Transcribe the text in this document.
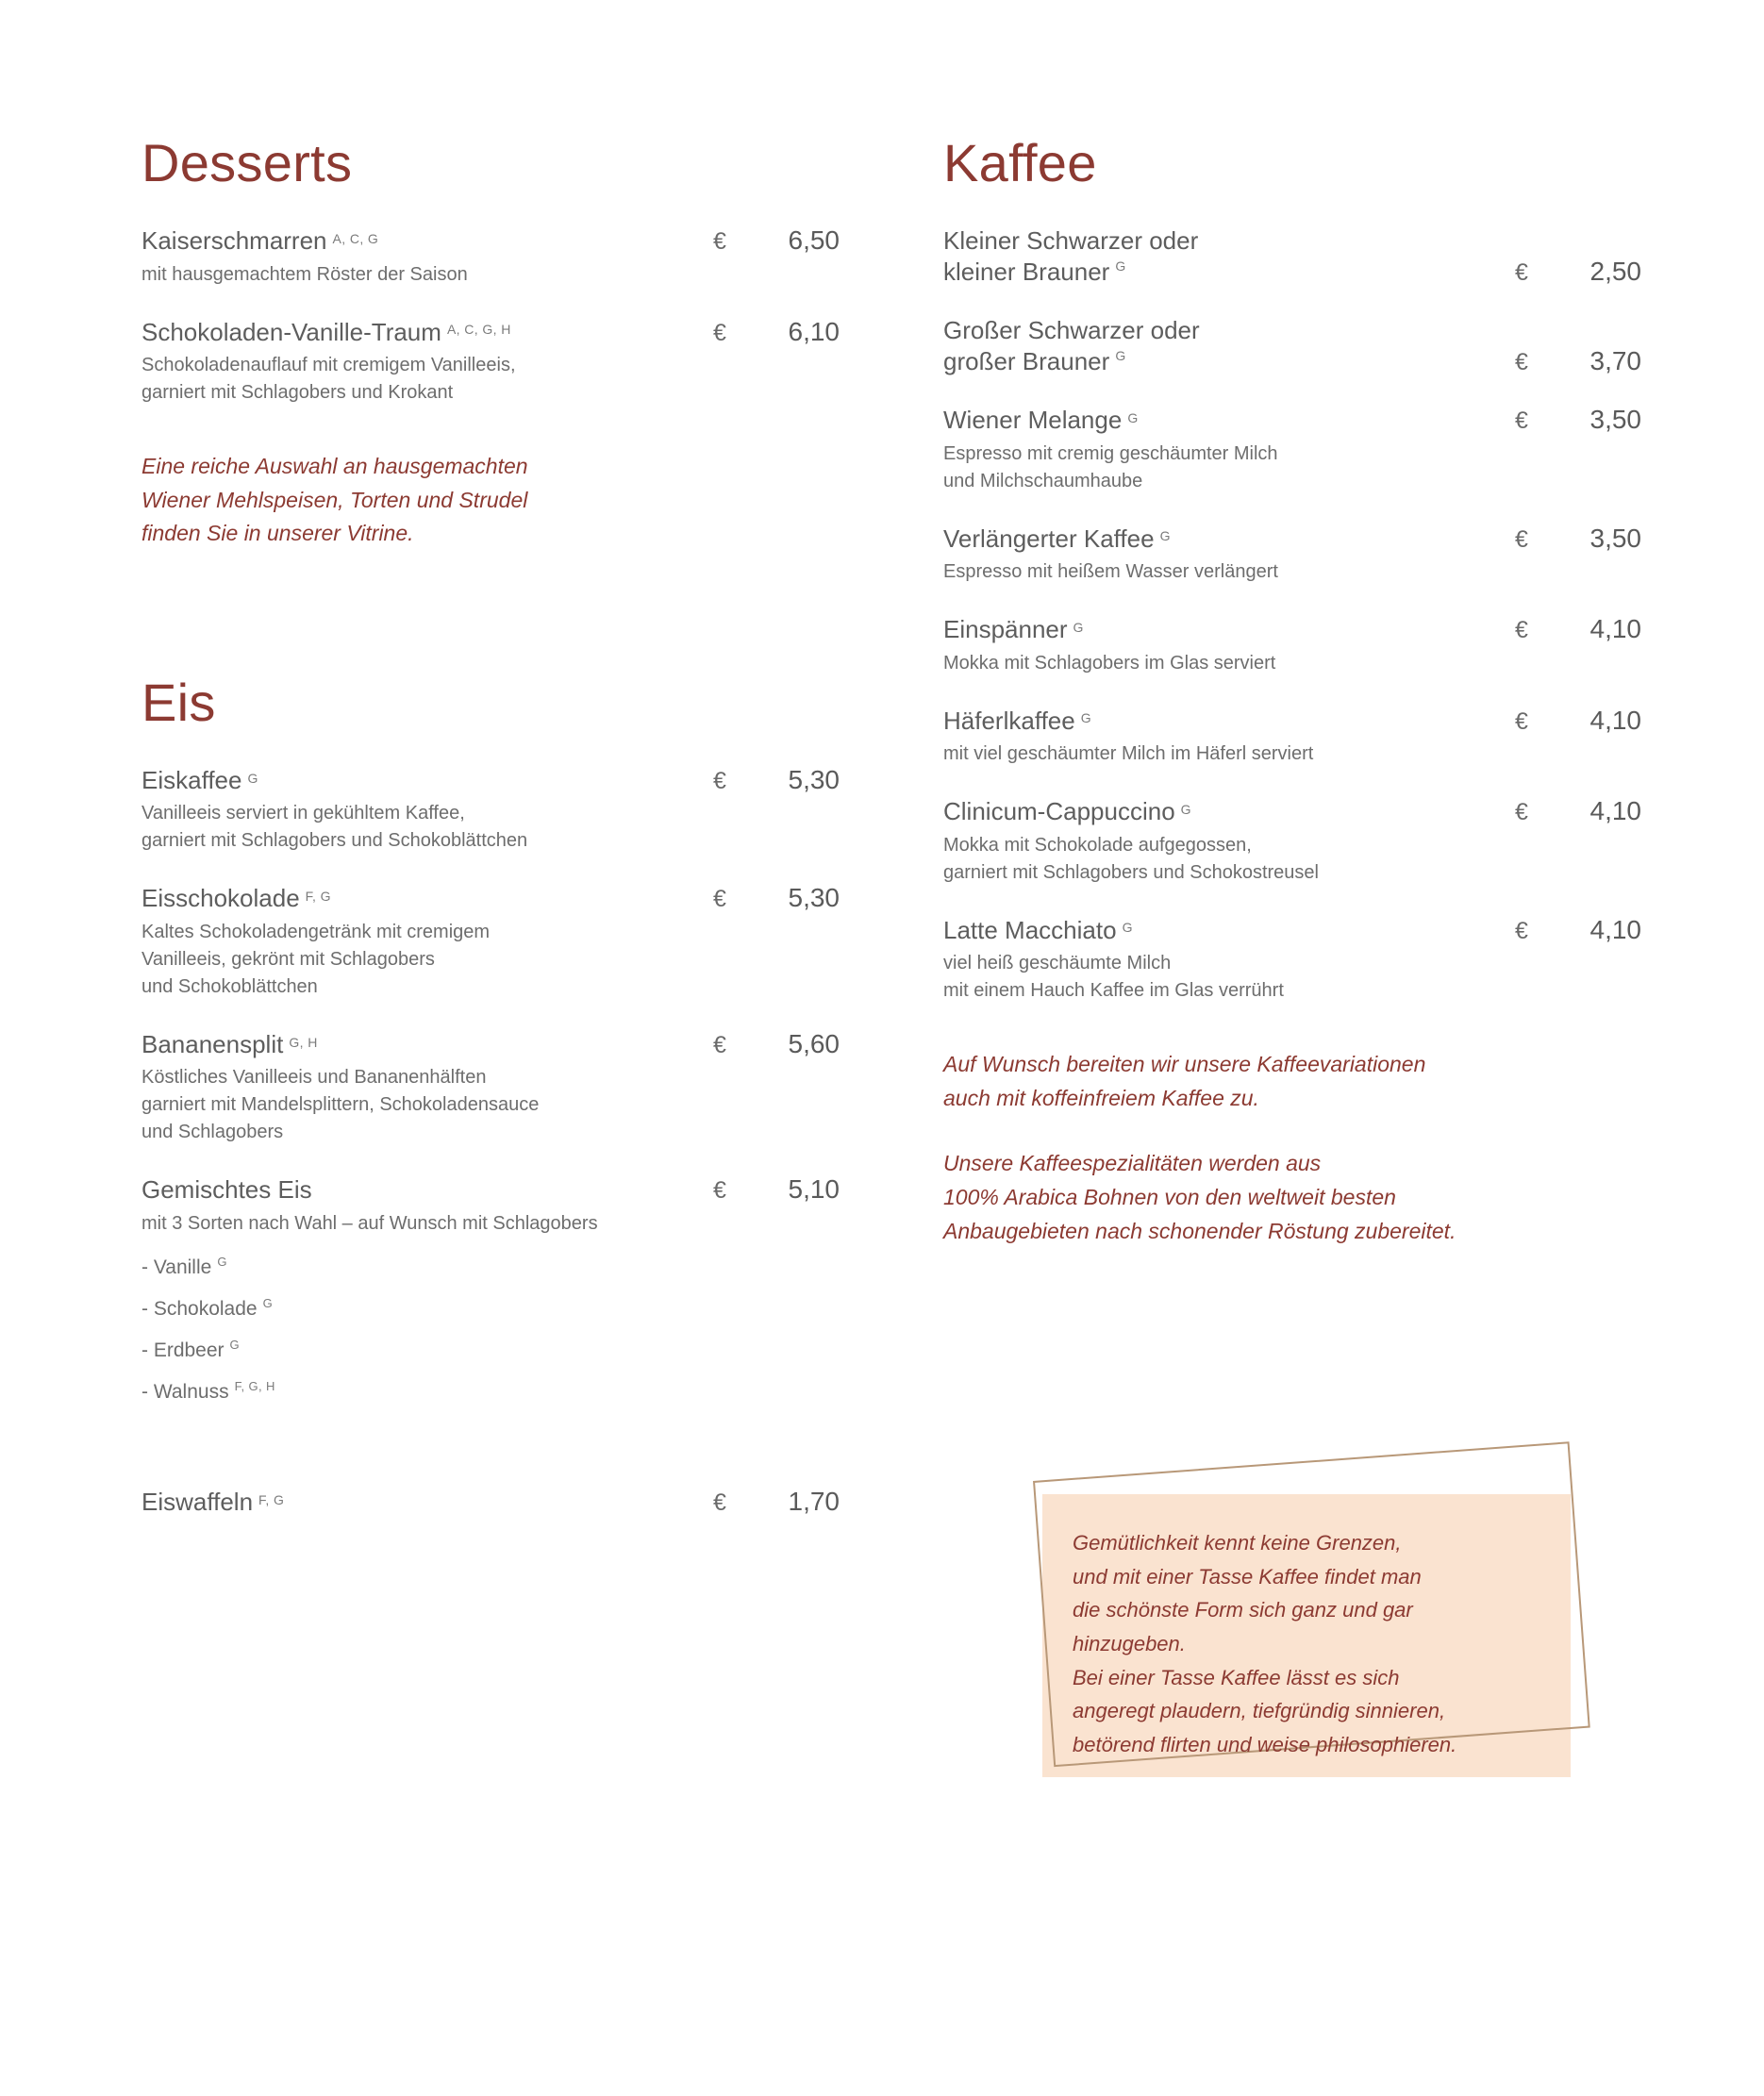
Desserts
Kaiserschmarren A, C, G	€	6,50
mit hausgemachtem Röster der Saison
Schokoladen-Vanille-Traum A, C, G, H	€	6,10
Schokoladenauflauf mit cremigem Vanilleeis,
garniert mit Schlagobers und Krokant
Eine reiche Auswahl an hausgemachten
Wiener Mehlspeisen, Torten und Strudel
finden Sie in unserer Vitrine.
Eis
Eiskaffee G	€	5,30
Vanilleeis serviert in gekühltem Kaffee,
garniert mit Schlagobers und Schokoblättchen
Eisschokolade F, G	€	5,30
Kaltes Schokoladengetränk mit cremigem
Vanilleeis, gekrönt mit Schlagobers
und Schokoblättchen
Bananensplit G, H	€	5,60
Köstliches Vanilleeis und Bananenhälften
garniert mit Mandelsplittern, Schokoladensauce
und Schlagobers
Gemischtes Eis	€	5,10
mit 3 Sorten nach Wahl – auf Wunsch mit Schlagobers
- Vanille $^G$
- Schokolade $^G$
- Erdbeer $^G$
- Walnuss $^{F, G, H}$
Eiswaffeln F, G	€	1,70
Kaffee
Kleiner Schwarzer oder
kleiner Brauner $^G$	€	2,50
Großer Schwarzer oder
großer Brauner $^G$	€	3,70
Wiener Melange G	€	3,50
Espresso mit cremig geschäumter Milch
und Milchschaumhaube
Verlängerter Kaffee G	€	3,50
Espresso mit heißem Wasser verlängert
Einspänner G	€	4,10
Mokka mit Schlagobers im Glas serviert
Häferlkaffee G	€	4,10
mit viel geschäumter Milch im Häferl serviert
Clinicum-Cappuccino G	€	4,10
Mokka mit Schokolade aufgegossen,
garniert mit Schlagobers und Schokostreusel
Latte Macchiato G	€	4,10
viel heiß geschäumte Milch
mit einem Hauch Kaffee im Glas verrührt
Auf Wunsch bereiten wir unsere Kaffeevariationen
auch mit koffeinfreiem Kaffee zu.
Unsere Kaffeespezialitäten werden aus
100% Arabica Bohnen von den weltweit besten
Anbaugebieten nach schonender Röstung zubereitet.
Gemütlichkeit kennt keine Grenzen,
und mit einer Tasse Kaffee findet man
die schönste Form sich ganz und gar
hinzugeben.
Bei einer Tasse Kaffee lässt es sich
angeregt plaudern, tiefgründig sinnieren,
betörend flirten und weise philosophieren.
